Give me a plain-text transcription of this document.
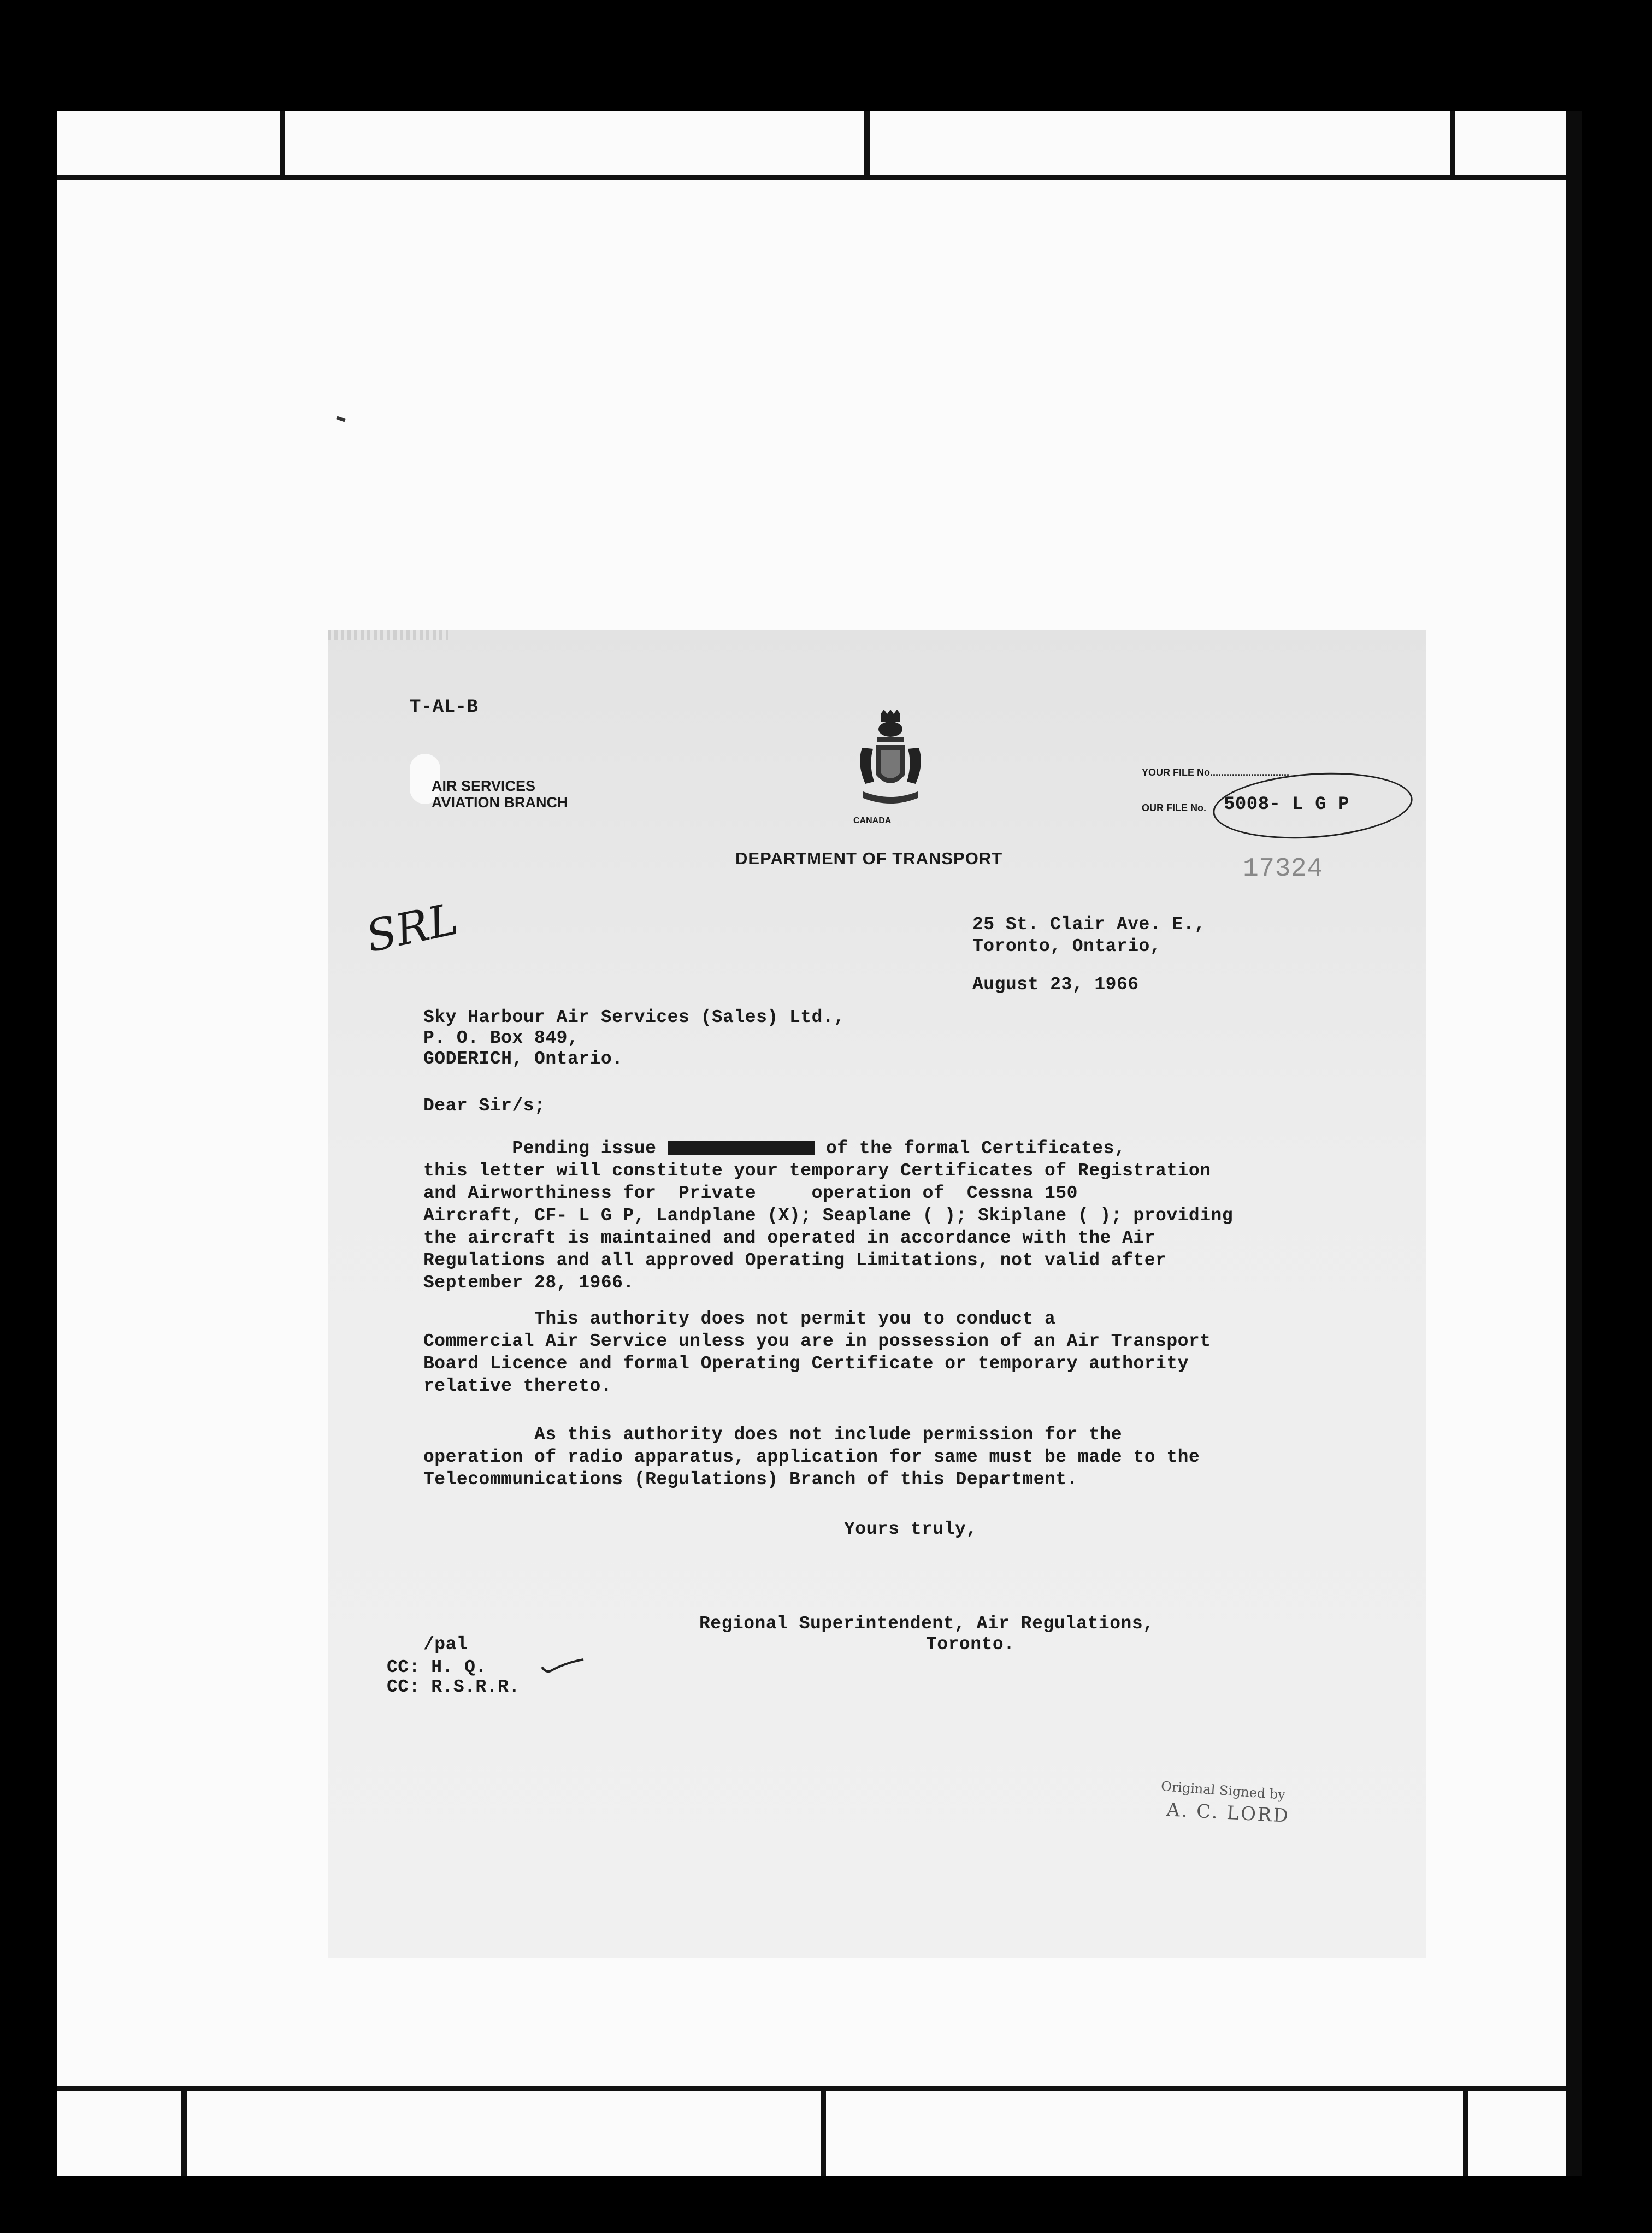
T-AL-B
AIR SERVICES
AVIATION BRANCH
CANADA
DEPARTMENT OF TRANSPORT
YOUR FILE No.............................
OUR FILE No. 5008- L G P
17324
SRL	25 St. Clair Ave. E.,
Toronto, Ontario,
August 23, 1966
Sky Harbour Air Services (Sales) Ltd.,
P. O. Box 849,
GODERICH, Ontario.
Dear Sir/s;
Pending issue	of the formal Certificates,
this letter will constitute your temporary Certificates of Registration
and Airworthiness for  Private     operation of  Cessna 150
Aircraft, CF- L G P, Landplane (X); Seaplane ( ); Skiplane ( ); providing
the aircraft is maintained and operated in accordance with the Air
Regulations and all approved Operating Limitations, not valid after
September 28, 1966.
This authority does not permit you to conduct a
Commercial Air Service unless you are in possession of an Air Transport
Board Licence and formal Operating Certificate or temporary authority
relative thereto.
As this authority does not include permission for the
operation of radio apparatus, application for same must be made to the
Telecommunications (Regulations) Branch of this Department.
Yours truly,
Regional Superintendent, Air Regulations,
Toronto.
/pal
CC: H. Q.
CC: R.S.R.R.
Original Signed by
A. C. LORD
